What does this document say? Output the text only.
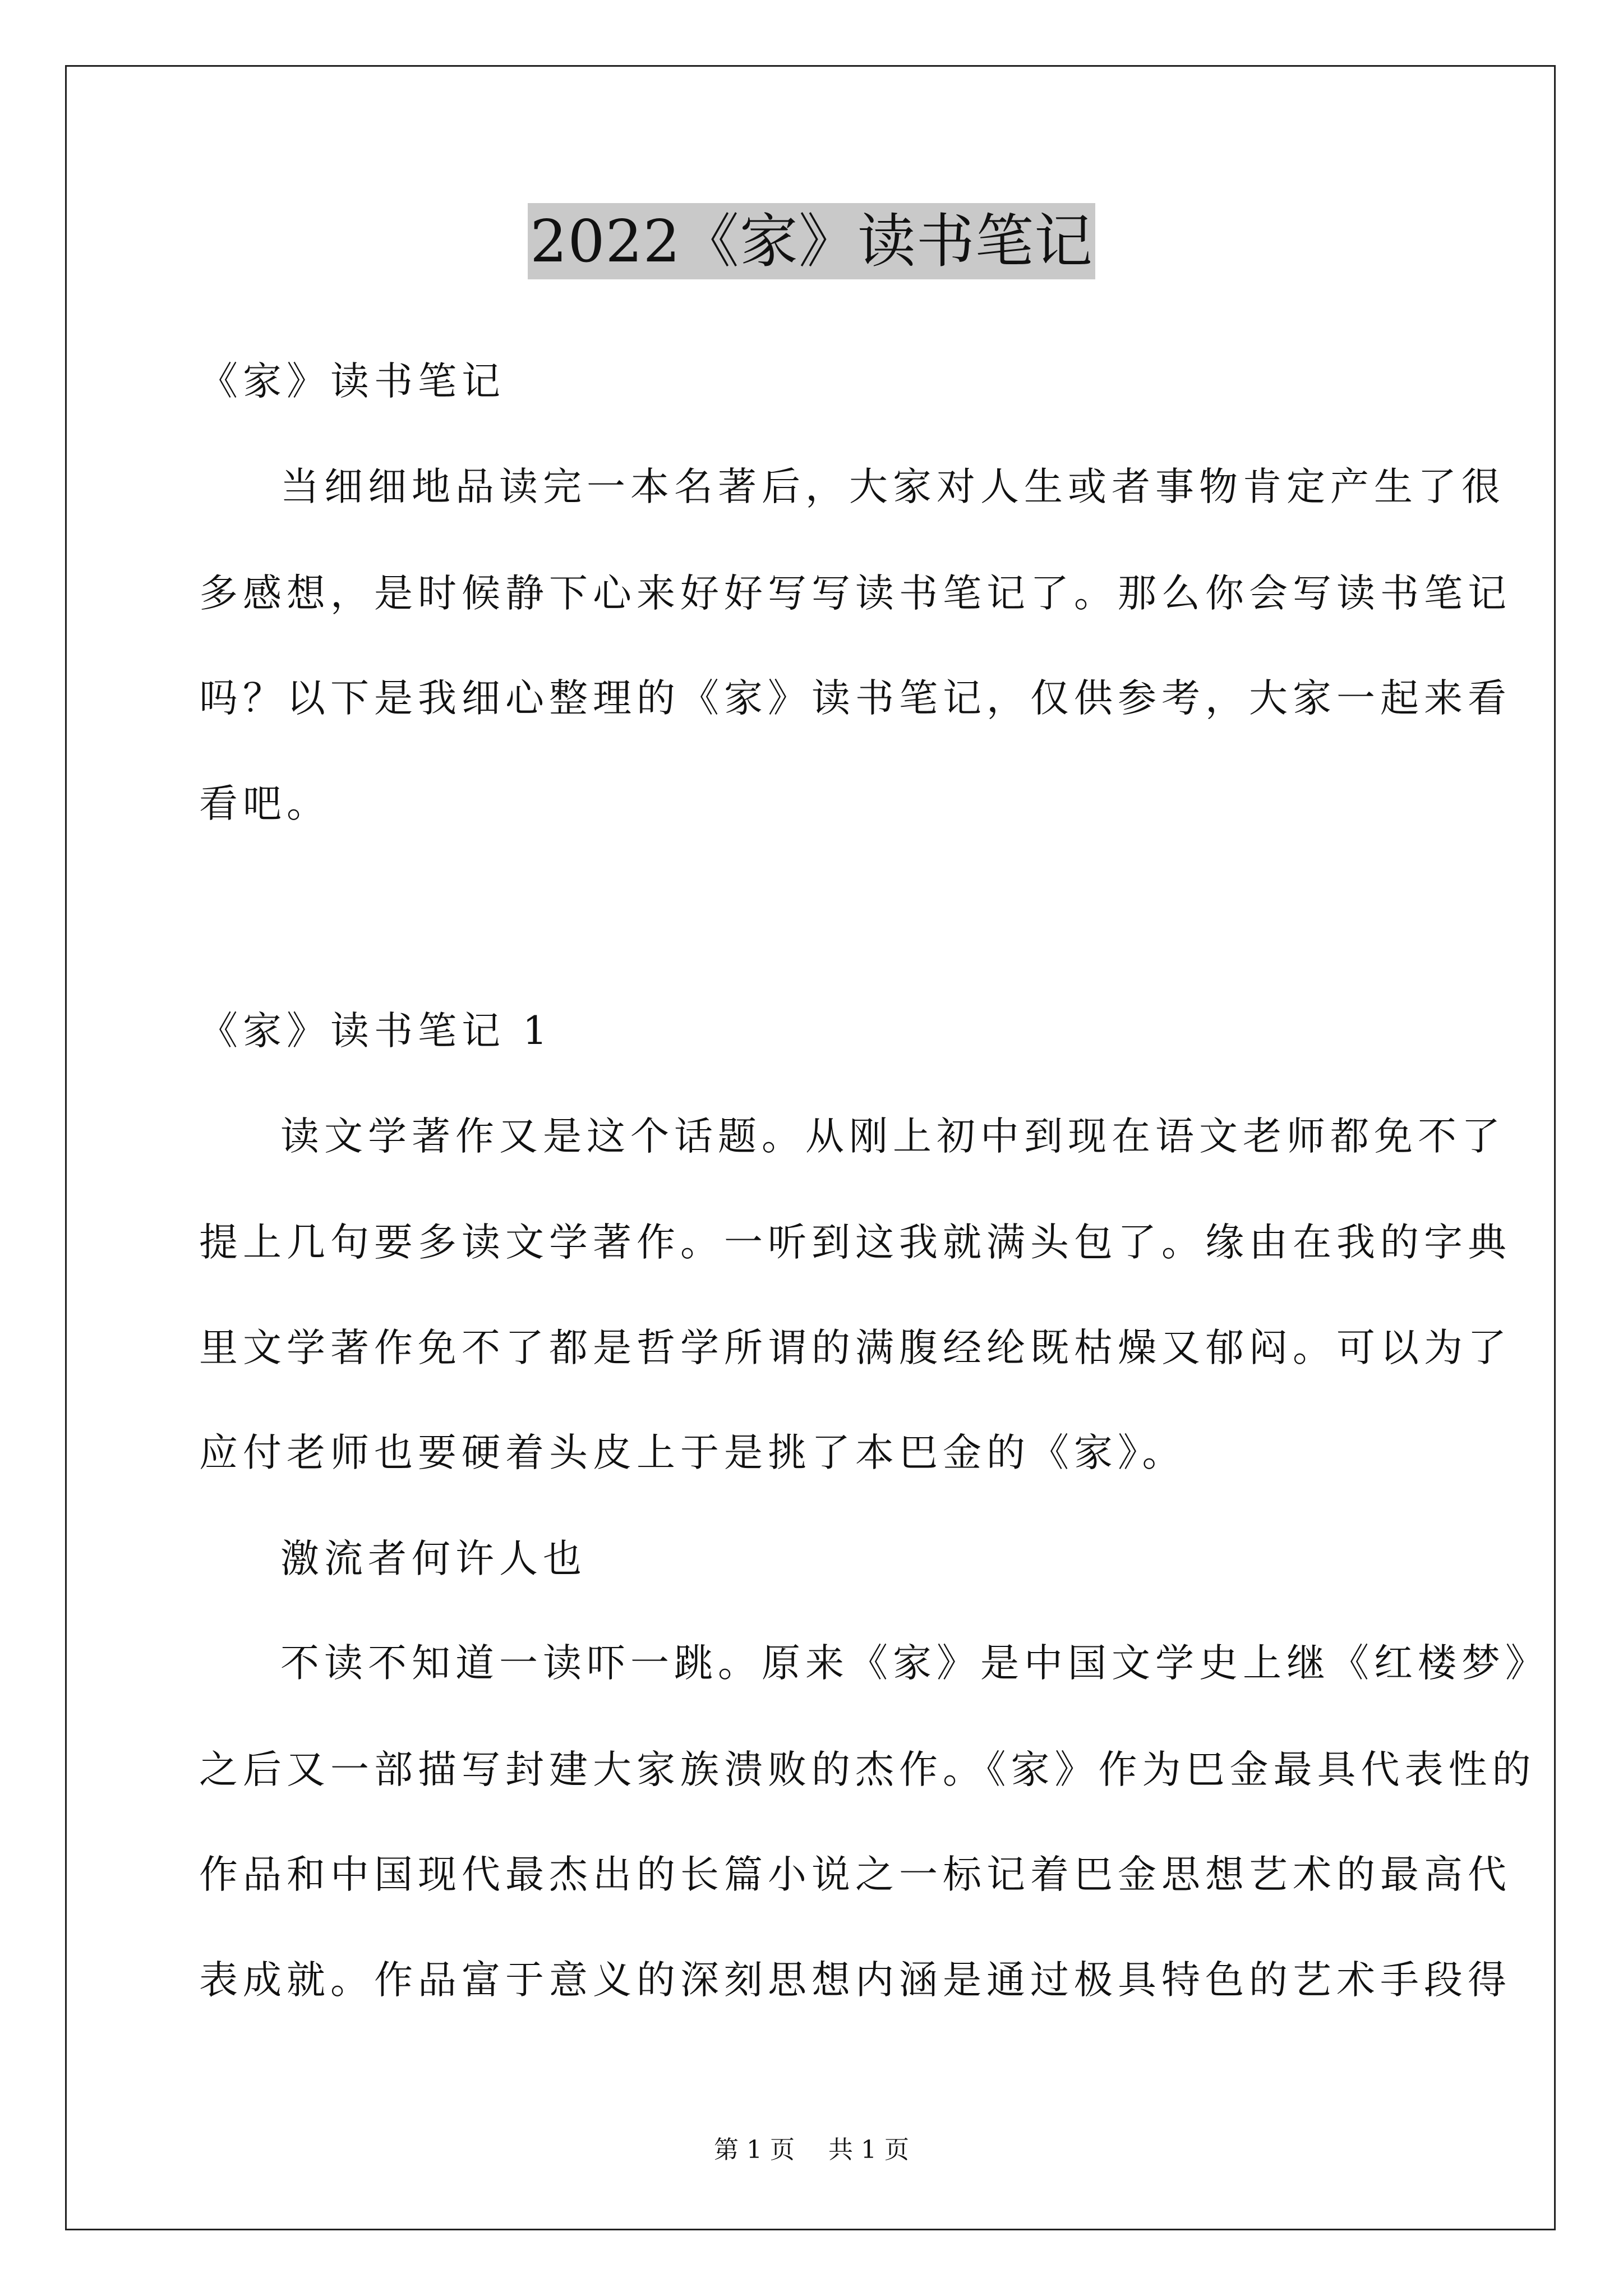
2022《家》读书笔记
《家》读书笔记
当细细地品读完一本名著后，大家对人生或者事物肯定产生了很
多感想，是时候静下心来好好写写读书笔记了。那么你会写读书笔记
吗？以下是我细心整理的《家》读书笔记，仅供参考，大家一起来看
看吧。
《家》读书笔记 1
读文学著作又是这个话题。从刚上初中到现在语文老师都免不了
提上几句要多读文学著作。一听到这我就满头包了。缘由在我的字典
里文学著作免不了都是哲学所谓的满腹经纶既枯燥又郁闷。可以为了
应付老师也要硬着头皮上于是挑了本巴金的《家》。
激流者何许人也
不读不知道一读吓一跳。原来《家》是中国文学史上继《红楼梦》
之后又一部描写封建大家族溃败的杰作。《家》作为巴金最具代表性的
作品和中国现代最杰出的长篇小说之一标记着巴金思想艺术的最高代
表成就。作品富于意义的深刻思想内涵是通过极具特色的艺术手段得
第 1 页 共 1 页
